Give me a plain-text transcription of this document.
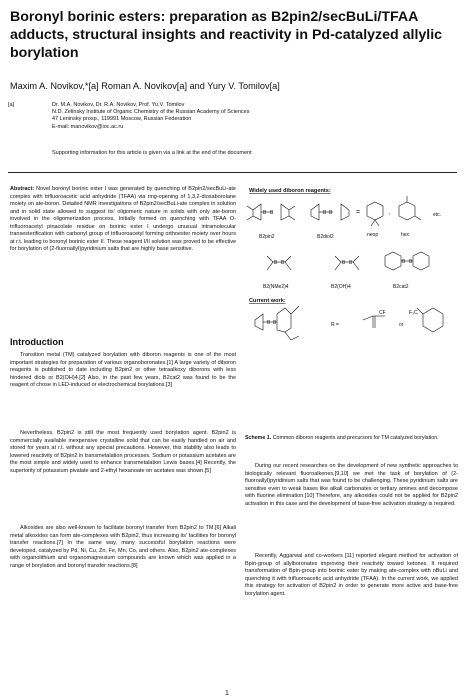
Boronyl borinic esters: preparation as B2pin2/secBuLi/TFAA adducts, structural insights and reactivity in Pd-catalyzed allylic borylation
Maxim A. Novikov,*[a] Roman A. Novikov[a] and Yury V. Tomilov[a]
[a]	Dr. M.A. Novikov, Dr. R.A. Novikov, Prof. Yu.V. Tomilov
N.D. Zelinsky Institute of Organic Chemistry of the Russian Academy of Sciences
47 Leninsky prosp., 119991 Moscow, Russian Federation
E-mail: manovikov@ioc.ac.ru
Supporting information for this article is given via a link at the end of the document
Abstract: Novel boronyl borinic ester I was generated by quenching of B2pin2/secBuLi-ate complex with trifluoroacetic acid anhydride (TFAA) via ring-opening of 1,3,2-dioxaborolane moiety on ate-boron. Detailed NMR investigations of B2pin2/secBuLi-ate complex in solution and in solid state allowed to suggest its' oligomeric nature in solids with only ate-boron involved in the oligomerization process. Initially formed on quenching with TFAA O-trifluoroacetyl pinacolate residue on borinic ester I undergo unusual intramolecular transesterification with carbonyl group of trifluoroacetyl forming orthoester moiety over hours at r.t. leading to boronyl borinic ester II. These reagent I/II solution was proved to be effective for borylation of (2-fluoroallyl)pyridinium salts that are highly base sensitive.
Introduction
Transition metal (TM) catalyzed borylation with diboron reagents is one of the most important strategies for preparation of various organoboronates.[1] A large variety of diboron reagents is published to date including B2pin2 or other tetraalkoxy diborons with less hindered diols or B2(OH)4.[2] Also, in the past few years, B2cat2 was found to be the reagent of chose in LED-induced or electrochemical borylations.[3]
Nevertheless, B2pin2 is still the most frequently used borylation agent. B2pin2 is commercially available inexpensive crystalline solid that can be easily handled on air and stored for years at r.t. without any special precautions. However, this stability also leads to lowered reactivity of B2pin2 in transmetalation processes. Sodium or potassium acetates are the most simple and widely used to enhance transmetalation Lewis bases.[4] Recently, the superiority of potassium pivalate and 2-ethyl hexanoate on acetates was shown.[5]
Alkoxides are also well-known to facilitate boronyl transfer from B2pin2 to TM.[6] Alkali metal alkoxides can form ate-complexes with B2pin2, thus increasing its' facilities for boronyl transfer reactions.[7] In the same way, many successful borylation reactions were developed, catalyzed by Pd, Ni, Cu, Zn, Fe, Mn, Co, and others. Also, B2pin2 ate-complexes with organolithium and organomagnesium compounds are known which was applied in a range of borylation and boronyl transfer reactions.[8]
=	,
Widely used diboron reagents:
B B	B B	etc.
B2pin2	B2diol2	neop	hex
B B	B B	B B
B2(NMe2)4	B2(OH)4	B2cat2
Current work:
B B	R =
CF
or
F₃C
Scheme 1. Common diboron reagents and precursors for TM catalyzed borylation.
During our recent researches on the development of new synthetic approaches to biologically relevant fluoroalkenes,[9,10] we met the task of borylation of (2-fluoroallyl)pyridinium salts that was found to be challenging. These pyridinium salts are sensitive even to weak bases like alkali carbonates or tertiary amines and decompose with fluorine elimination.[10] Therefore, any alkoxides could not be applied for B2pin2 activation in this case and the development of base-free activation strategy is required.
Recently, Aggarwal and co-workers [11] reported elegant method for activation of Bpin-group of allylboronates improving their reactivity toward ketones. It required transformation of Bpin-group into borinic ester by making ate-complex with nBuLi and quenching it with trifluoroacetic acid anhydride (TFAA). In the current work, we applied this strategy for activation of B2pin2 in order to generate more active and base-free borylation agent.
1
